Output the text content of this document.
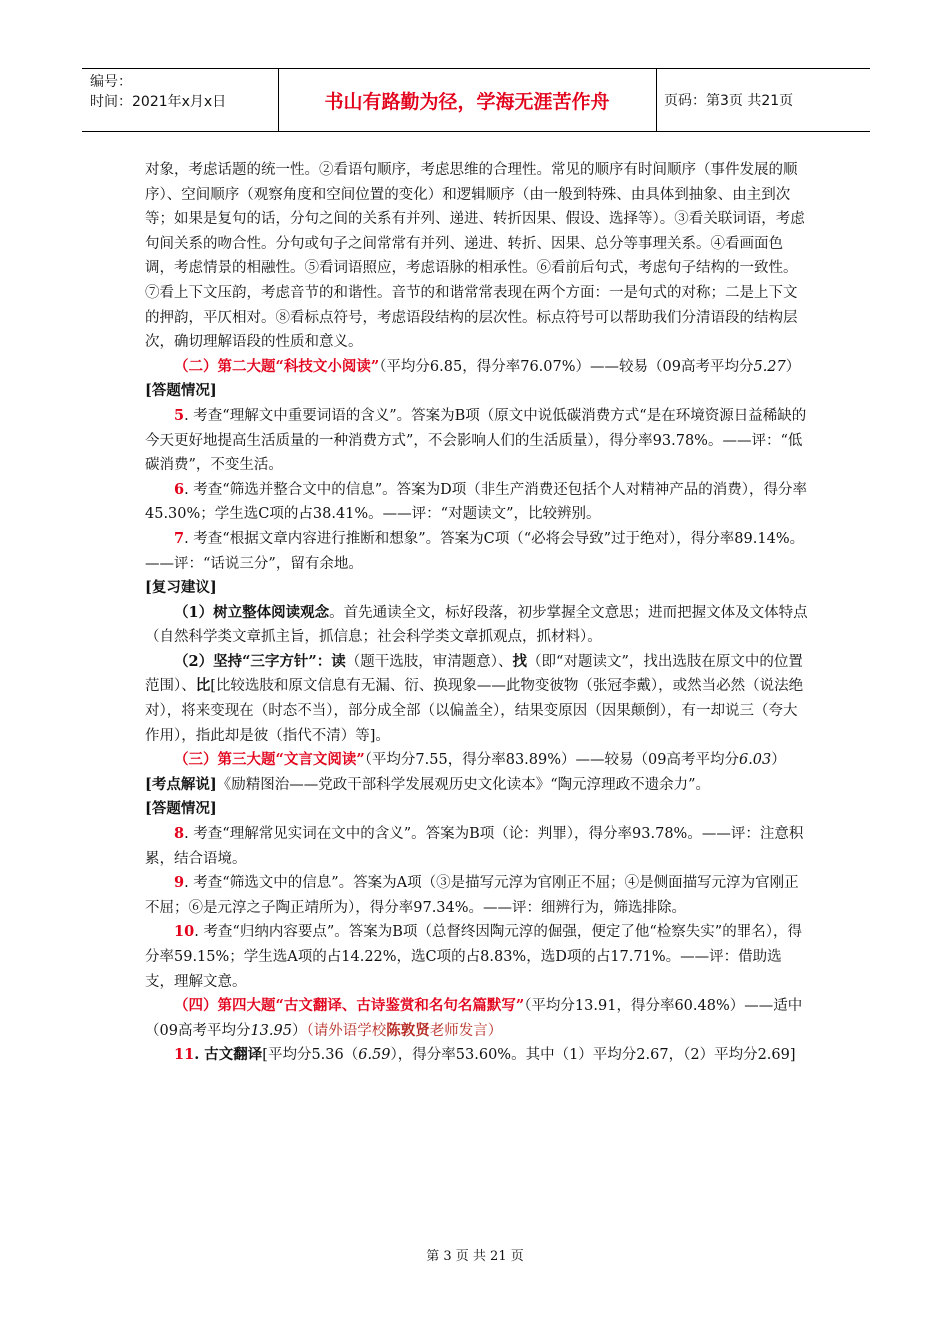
编号：
时间：2021年x月x日	书山有路勤为径，学海无涯苦作舟	页码：第3页 共21页

对象，考虑话题的统一性。②看语句顺序，考虑思维的合理性。常见的顺序有时间顺序（事件发展的顺序）、空间顺序（观察角度和空间位置的变化）和逻辑顺序（由一般到特殊、由具体到抽象、由主到次等；如果是复句的话，分句之间的关系有并列、递进、转折因果、假设、选择等）。③看关联词语，考虑句间关系的吻合性。分句或句子之间常常有并列、递进、转折、因果、总分等事理关系。④看画面色调，考虑情景的相融性。⑤看词语照应，考虑语脉的相承性。⑥看前后句式，考虑句子结构的一致性。⑦看上下文压韵，考虑音节的和谐性。音节的和谐常常表现在两个方面：一是句式的对称；二是上下文的押韵，平仄相对。⑧看标点符号，考虑语段结构的层次性。标点符号可以帮助我们分清语段的结构层次，确切理解语段的性质和意义。

（二）第二大题“科技文小阅读”（平均分6.85，得分率76.07%）——较易（09高考平均分5.27）

[答题情况]

5. 考查“理解文中重要词语的含义”。答案为B项（原文中说低碳消费方式“是在环境资源日益稀缺的今天更好地提高生活质量的一种消费方式”，不会影响人们的生活质量），得分率93.78%。——评：“低碳消费”，不变生活。

6. 考查“筛选并整合文中的信息”。答案为D项（非生产消费还包括个人对精神产品的消费），得分率45.30%；学生选C项的占38.41%。——评：“对题读文”，比较辨别。

7. 考查“根据文章内容进行推断和想象”。答案为C项（“必将会导致”过于绝对），得分率89.14%。——评：“话说三分”，留有余地。

[复习建议]

（1）树立整体阅读观念。首先通读全文，标好段落，初步掌握全文意思；进而把握文体及文体特点（自然科学类文章抓主旨，抓信息；社会科学类文章抓观点，抓材料）。

（2）坚持“三字方针”：读（题干选肢，审清题意）、找（即“对题读文”，找出选肢在原文中的位置范围）、比[比较选肢和原文信息有无漏、衍、换现象——此物变彼物（张冠李戴），或然当必然（说法绝对），将来变现在（时态不当），部分成全部（以偏盖全），结果变原因（因果颠倒），有一却说三（夸大作用），指此却是彼（指代不清）等]。

（三）第三大题“文言文阅读”（平均分7.55，得分率83.89%）——较易（09高考平均分6.03）

[考点解说]《励精图治——党政干部科学发展观历史文化读本》“陶元淳理政不遗余力”。

[答题情况]

8. 考查“理解常见实词在文中的含义”。答案为B项（论：判罪），得分率93.78%。——评：注意积累，结合语境。

9. 考查“筛选文中的信息”。答案为A项（③是描写元淳为官刚正不屈；④是侧面描写元淳为官刚正不屈；⑥是元淳之子陶正靖所为），得分率97.34%。——评：细辨行为，筛选排除。

10. 考查“归纳内容要点”。答案为B项（总督终因陶元淳的倔强，便定了他“检察失实”的罪名），得分率59.15%；学生选A项的占14.22%，选C项的占8.83%，选D项的占17.71%。——评：借助选支，理解文意。

（四）第四大题“古文翻译、古诗鉴赏和名句名篇默写”（平均分13.91，得分率60.48%）——适中（09高考平均分13.95）（请外语学校陈敦贤老师发言）

11. 古文翻译[平均分5.36（6.59），得分率53.60%。其中（1）平均分2.67，（2）平均分2.69]

第 3 页 共 21 页
